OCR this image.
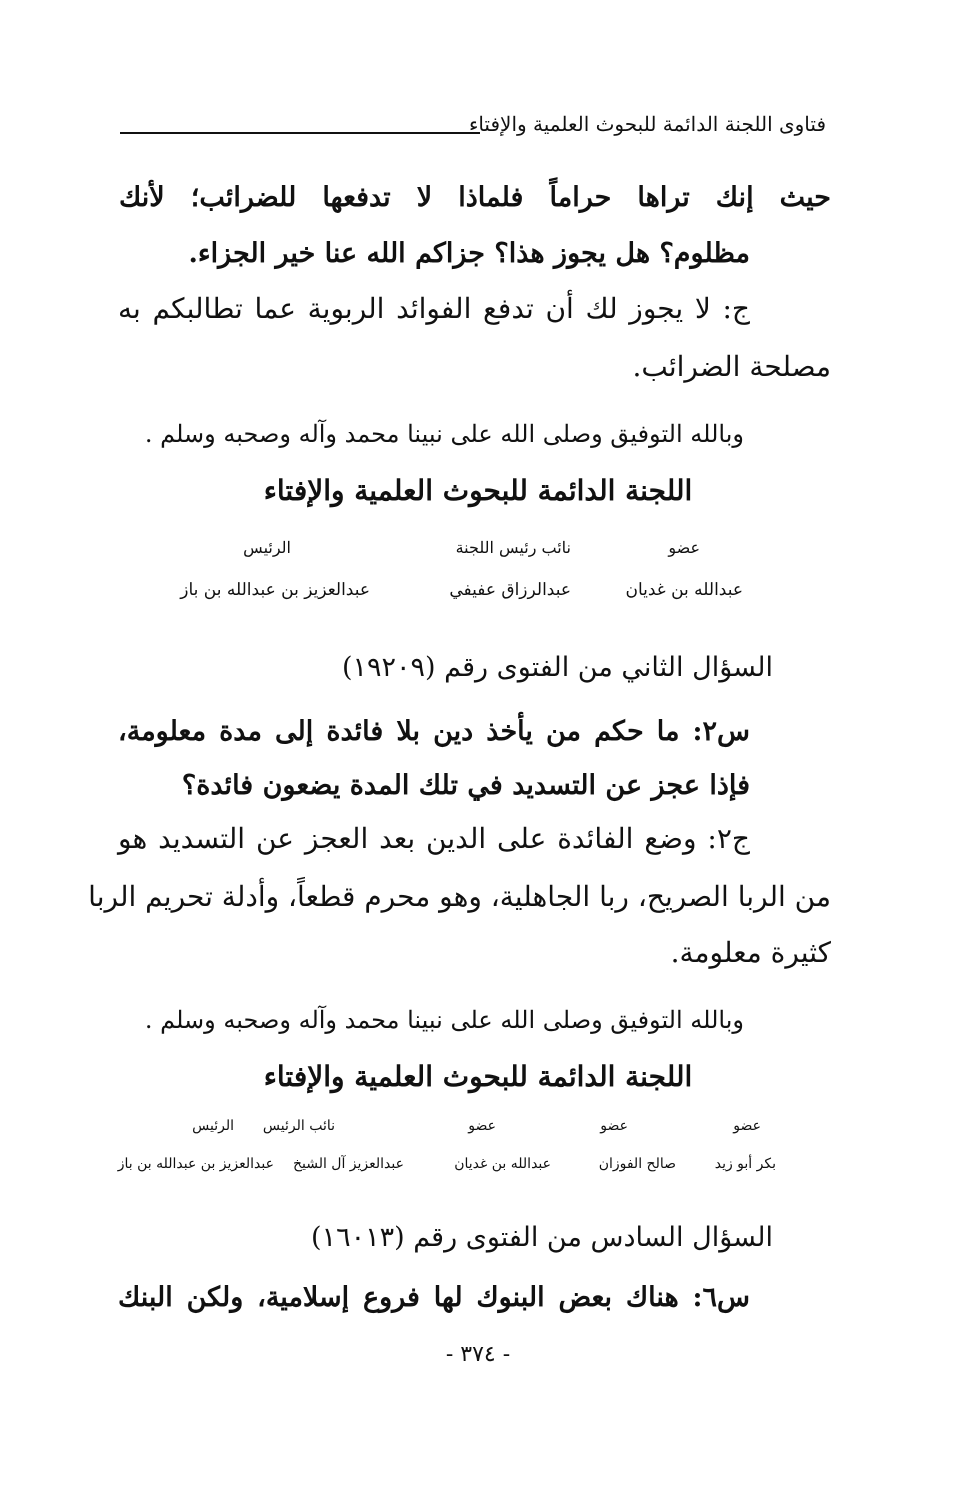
فتاوى اللجنة الدائمة للبحوث العلمية والإفتاء
حيث إنك تراها حراماً فلماذا لا تدفعها للضرائب؛ لأنك
مظلوم؟ هل يجوز هذا؟ جزاكم الله عنا خير الجزاء.
ج: لا يجوز لك أن تدفع الفوائد الربوية عما تطالبكم به
مصلحة الضرائب.
وبالله التوفيق وصلى الله على نبينا محمد وآله وصحبه وسلم .
اللجنة الدائمة للبحوث العلمية والإفتاء
عضو
نائب رئيس اللجنة
الرئيس
عبدالله بن غديان
عبدالرزاق عفيفي
عبدالعزيز بن عبدالله بن باز
السؤال الثاني من الفتوى رقم (١٩٢٠٩)
س٢: ما حكم من يأخذ دين بلا فائدة إلى مدة معلومة،
فإذا عجز عن التسديد في تلك المدة يضعون فائدة؟
ج٢: وضع الفائدة على الدين بعد العجز عن التسديد هو
من الربا الصريح، ربا الجاهلية، وهو محرم قطعاً، وأدلة تحريم الربا
كثيرة معلومة.
وبالله التوفيق وصلى الله على نبينا محمد وآله وصحبه وسلم .
اللجنة الدائمة للبحوث العلمية والإفتاء
عضو
عضو
عضو
نائب الرئيس
الرئيس
بكر أبو زيد
صالح الفوزان
عبدالله بن غديان
عبدالعزيز آل الشيخ
عبدالعزيز بن عبدالله بن باز
السؤال السادس من الفتوى رقم (١٦٠١٣)
س٦: هناك بعض البنوك لها فروع إسلامية، ولكن البنك
- ٣٧٤ -
